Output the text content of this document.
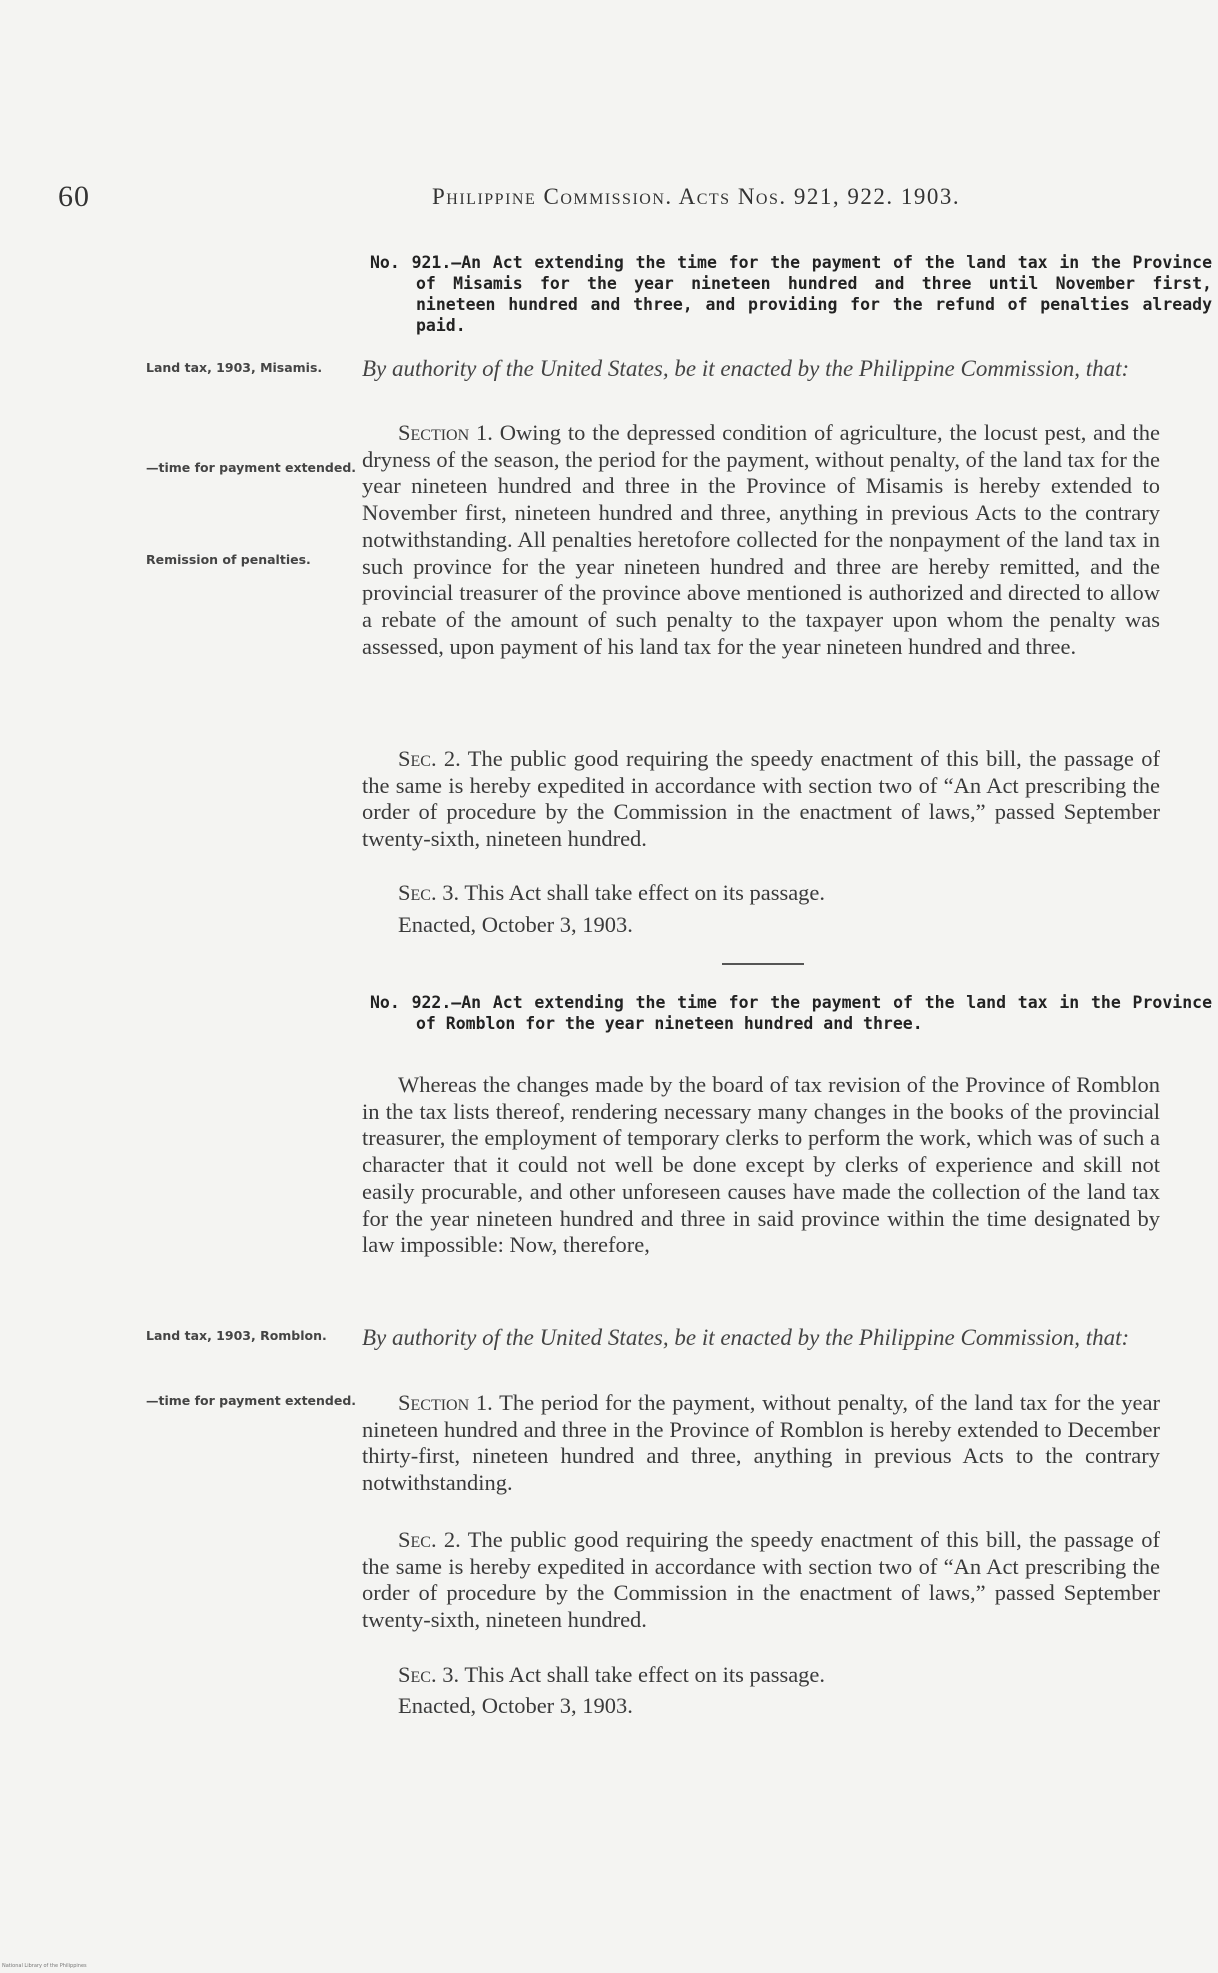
60	Philippine Commission. Acts Nos. 921, 922. 1903.
No. 921.—An Act extending the time for the payment of the land tax in the Province of Misamis for the year nineteen hundred and three until November first, nineteen hundred and three, and providing for the refund of penalties already paid.
Land tax, 1903, Misamis.
—time for payment extended.
Remission of penalties.
By authority of the United States, be it enacted by the Philippine Commission, that:
Section 1. Owing to the depressed condition of agriculture, the locust pest, and the dryness of the season, the period for the payment, without penalty, of the land tax for the year nineteen hundred and three in the Province of Misamis is hereby extended to November first, nineteen hundred and three, anything in previous Acts to the contrary notwithstanding. All penalties heretofore collected for the nonpayment of the land tax in such province for the year nineteen hundred and three are hereby remitted, and the provincial treasurer of the province above mentioned is authorized and directed to allow a rebate of the amount of such penalty to the taxpayer upon whom the penalty was assessed, upon payment of his land tax for the year nineteen hundred and three.
Sec. 2. The public good requiring the speedy enactment of this bill, the passage of the same is hereby expedited in accordance with section two of “An Act prescribing the order of procedure by the Commission in the enactment of laws,” passed September twenty-sixth, nineteen hundred.
Sec. 3. This Act shall take effect on its passage.
Enacted, October 3, 1903.
No. 922.—An Act extending the time for the payment of the land tax in the Province of Romblon for the year nineteen hundred and three.
Whereas the changes made by the board of tax revision of the Province of Romblon in the tax lists thereof, rendering necessary many changes in the books of the provincial treasurer, the employment of temporary clerks to perform the work, which was of such a character that it could not well be done except by clerks of experience and skill not easily procurable, and other unforeseen causes have made the collection of the land tax for the year nineteen hundred and three in said province within the time designated by law impossible: Now, therefore,
Land tax, 1903, Romblon.
—time for payment extended.
By authority of the United States, be it enacted by the Philippine Commission, that:
Section 1. The period for the payment, without penalty, of the land tax for the year nineteen hundred and three in the Province of Romblon is hereby extended to December thirty-first, nineteen hundred and three, anything in previous Acts to the contrary notwithstanding.
Sec. 2. The public good requiring the speedy enactment of this bill, the passage of the same is hereby expedited in accordance with section two of “An Act prescribing the order of procedure by the Commission in the enactment of laws,” passed September twenty-sixth, nineteen hundred.
Sec. 3. This Act shall take effect on its passage.
Enacted, October 3, 1903.
National Library of the Philippines
